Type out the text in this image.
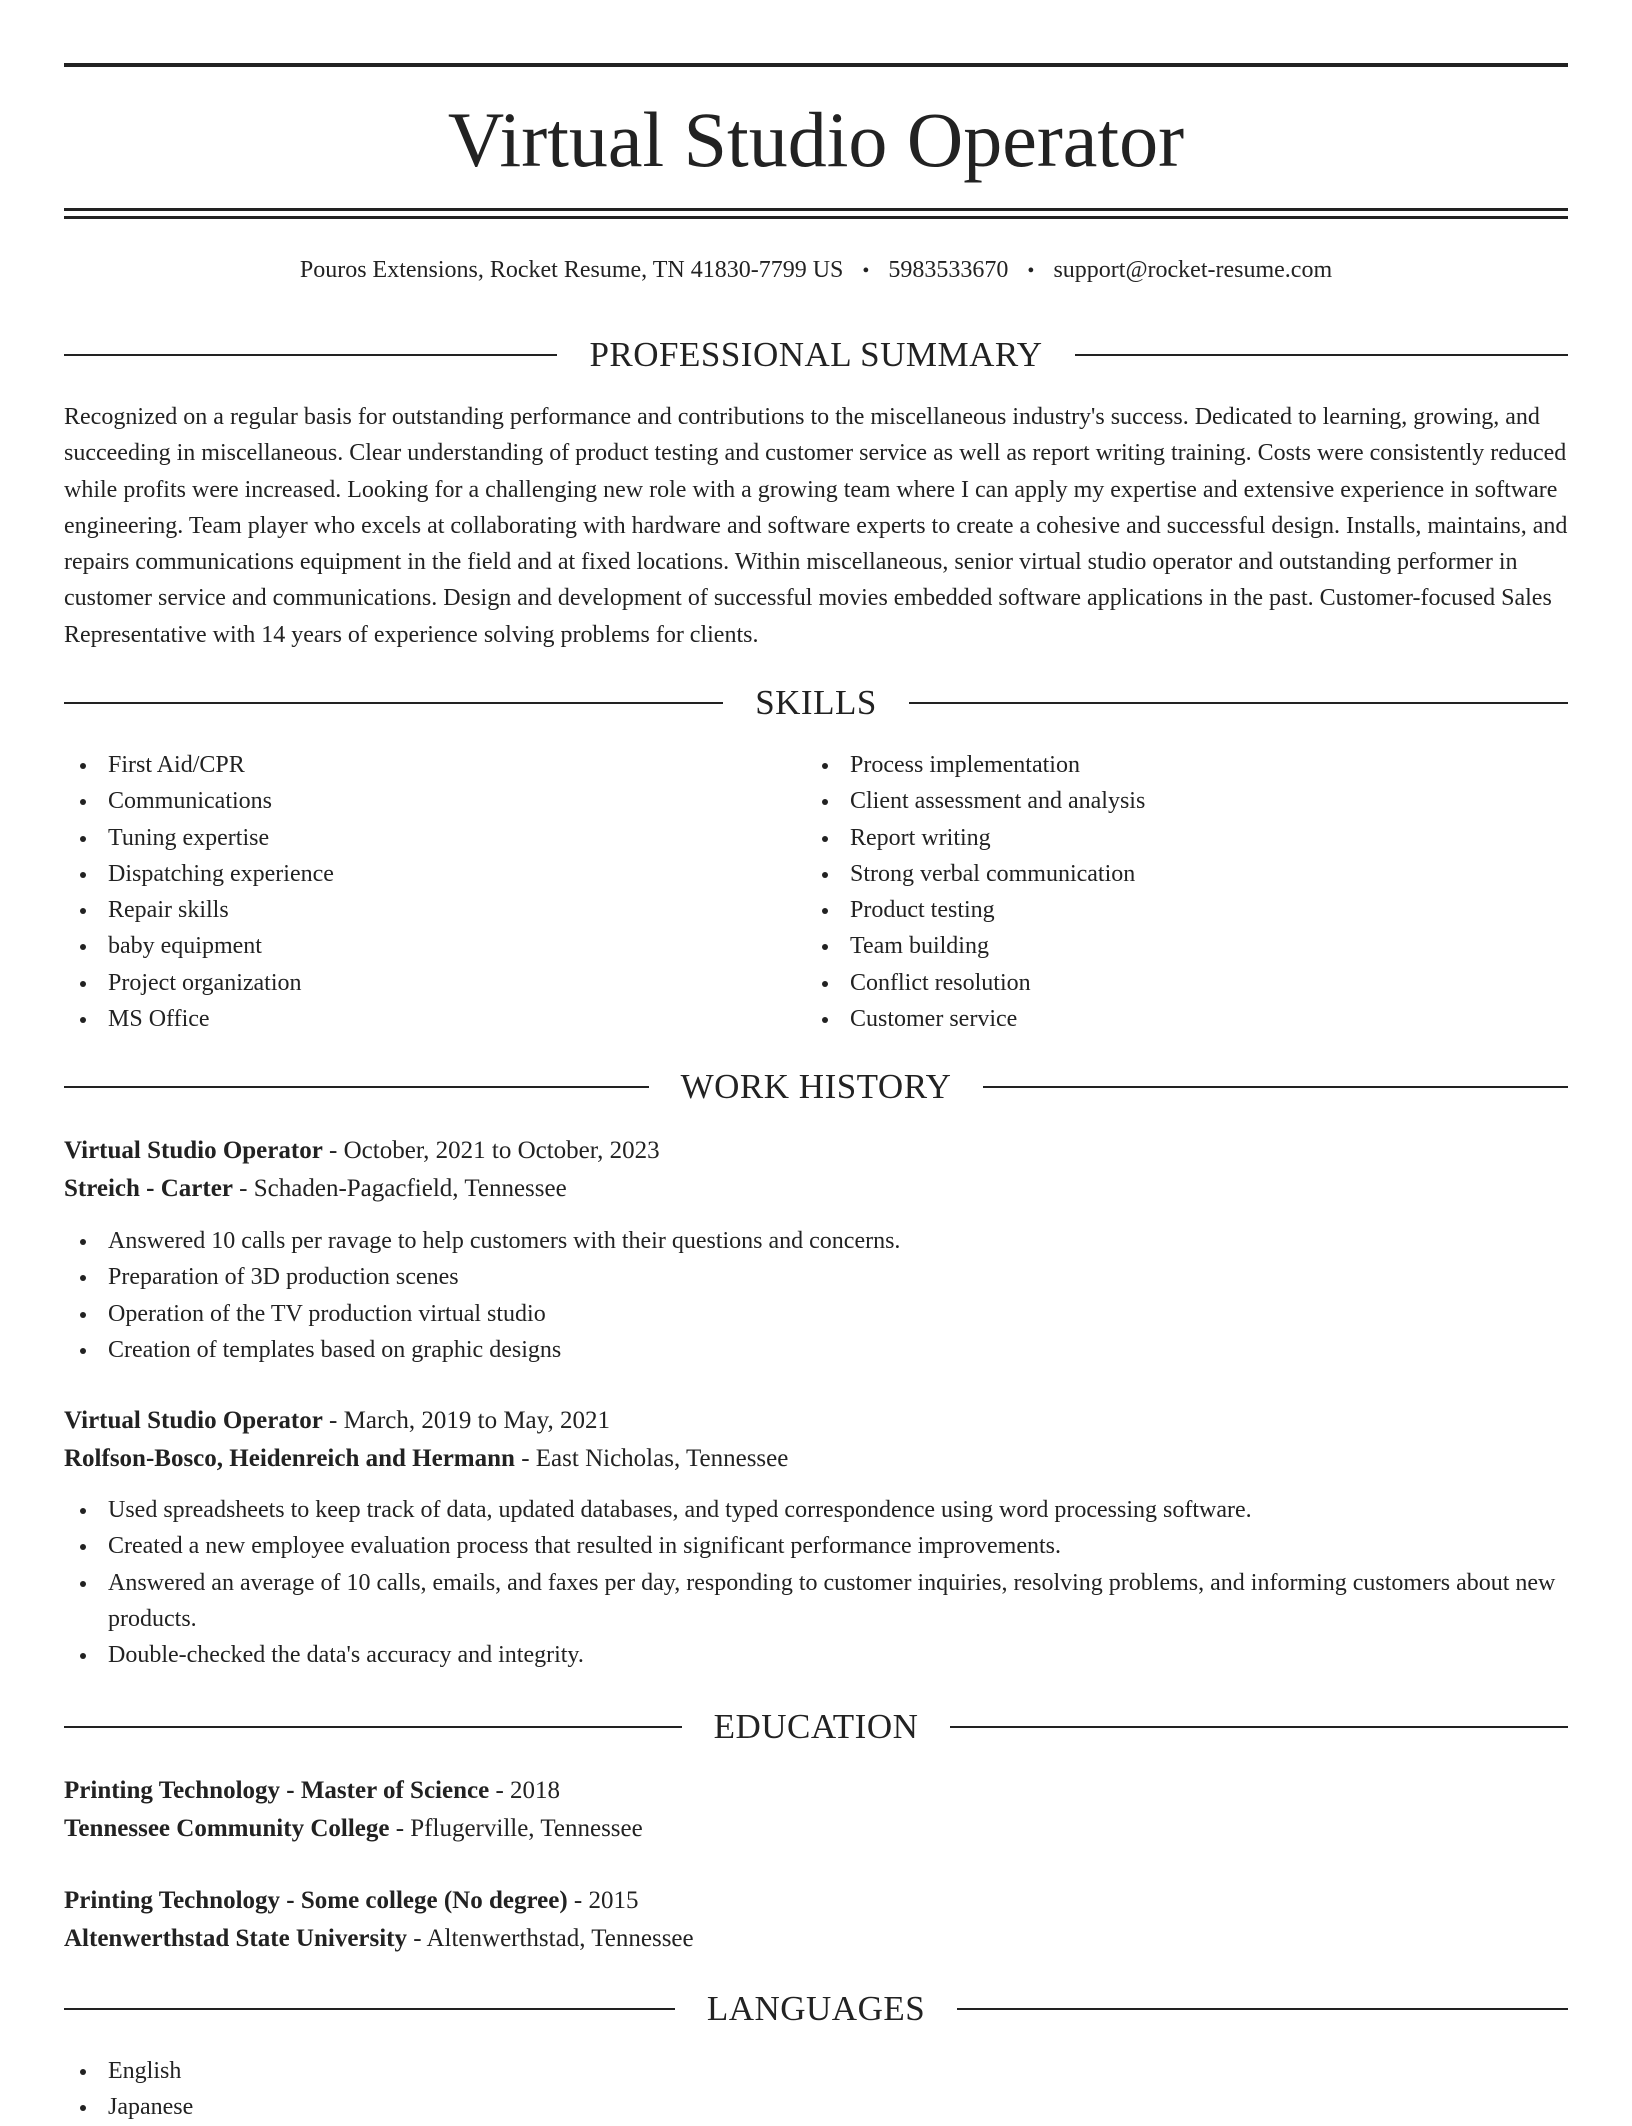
Virtual Studio Operator
Pouros Extensions, Rocket Resume, TN 41830-7799 US • 5983533670 • support@rocket-resume.com
PROFESSIONAL SUMMARY
Recognized on a regular basis for outstanding performance and contributions to the miscellaneous industry's success. Dedicated to learning, growing, and succeeding in miscellaneous. Clear understanding of product testing and customer service as well as report writing training. Costs were consistently reduced while profits were increased. Looking for a challenging new role with a growing team where I can apply my expertise and extensive experience in software engineering. Team player who excels at collaborating with hardware and software experts to create a cohesive and successful design. Installs, maintains, and repairs communications equipment in the field and at fixed locations. Within miscellaneous, senior virtual studio operator and outstanding performer in customer service and communications. Design and development of successful movies embedded software applications in the past. Customer-focused Sales Representative with 14 years of experience solving problems for clients.
SKILLS
First Aid/CPR
Communications
Tuning expertise
Dispatching experience
Repair skills
baby equipment
Project organization
MS Office
Process implementation
Client assessment and analysis
Report writing
Strong verbal communication
Product testing
Team building
Conflict resolution
Customer service
WORK HISTORY
Virtual Studio Operator - October, 2021 to October, 2023
Streich - Carter - Schaden-Pagacfield, Tennessee
Answered 10 calls per ravage to help customers with their questions and concerns.
Preparation of 3D production scenes
Operation of the TV production virtual studio
Creation of templates based on graphic designs
Virtual Studio Operator - March, 2019 to May, 2021
Rolfson-Bosco, Heidenreich and Hermann - East Nicholas, Tennessee
Used spreadsheets to keep track of data, updated databases, and typed correspondence using word processing software.
Created a new employee evaluation process that resulted in significant performance improvements.
Answered an average of 10 calls, emails, and faxes per day, responding to customer inquiries, resolving problems, and informing customers about new products.
Double-checked the data's accuracy and integrity.
EDUCATION
Printing Technology - Master of Science - 2018
Tennessee Community College - Pflugerville, Tennessee
Printing Technology - Some college (No degree) - 2015
Altenwerthstad State University - Altenwerthstad, Tennessee
LANGUAGES
English
Japanese
